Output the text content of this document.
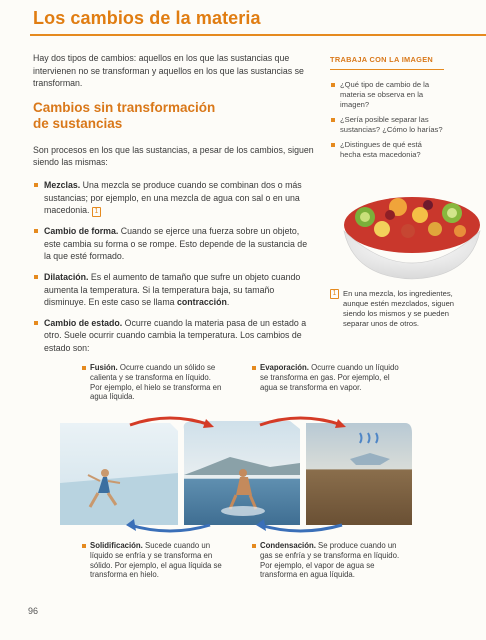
Los cambios de la materia

Hay dos tipos de cambios: aquellos en los que las sustancias que intervienen no se transforman y aquellos en los que las sustancias se transforman.

Cambios sin transformación
de sustancias

Son procesos en los que las sustancias, a pesar de los cambios, siguen siendo las mismas:

Mezclas. Una mezcla se produce cuando se combinan dos o más sustancias; por ejemplo, en una mezcla de agua con sal o en una macedonia. 1
Cambio de forma. Cuando se ejerce una fuerza sobre un objeto, este cambia su forma o se rompe. Esto depende de la sustancia de la que esté formado.
Dilatación. Es el aumento de tamaño que sufre un objeto cuando aumenta la temperatura. Si la temperatura baja, su tamaño disminuye. En este caso se llama contracción.
Cambio de estado. Ocurre cuando la materia pasa de un estado a otro. Suele ocurrir cuando cambia la temperatura. Los cambios de estado son:
TRABAJA CON LA IMAGEN
¿Qué tipo de cambio de la materia se observa en la imagen?
¿Sería posible separar las sustancias? ¿Cómo lo harías?
¿Distingues de qué está hecha esta macedonia?
1 En una mezcla, los ingredientes, aunque estén mezclados, siguen siendo los mismos y se pueden separar unos de otros.
Fusión. Ocurre cuando un sólido se calienta y se transforma en líquido. Por ejemplo, el hielo se transforma en agua líquida.
Evaporación. Ocurre cuando un líquido se transforma en gas. Por ejemplo, el agua se transforma en vapor.
Solidificación. Sucede cuando un líquido se enfría y se transforma en sólido. Por ejemplo, el agua líquida se transforma en hielo.
Condensación. Se produce cuando un gas se enfría y se transforma en líquido. Por ejemplo, el vapor de agua se transforma en agua líquida.
96
